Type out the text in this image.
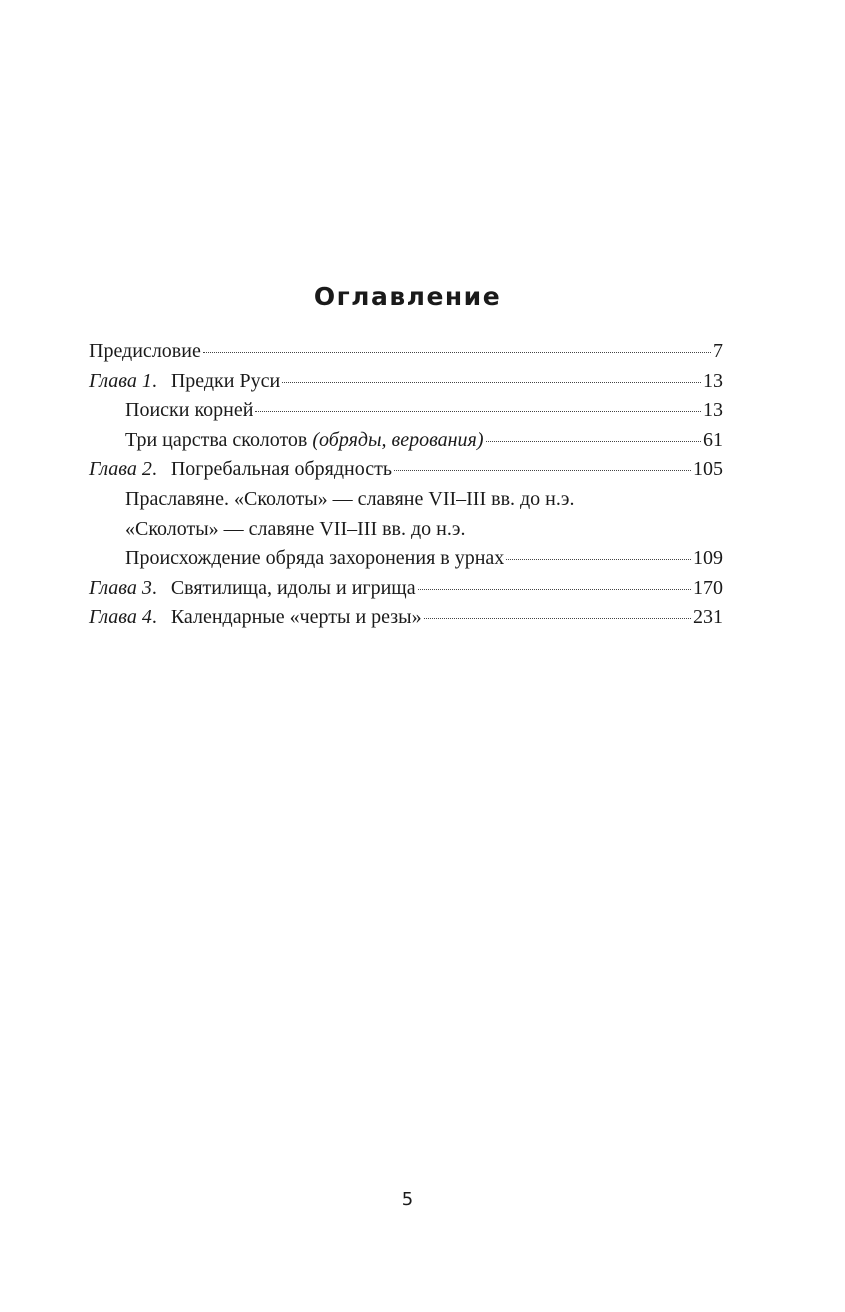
Оглавление
Предисловие	7
Глава 1 . Предки Руси	13
Поиски корней	13
Три царства сколотов (обряды, верования)	61
Глава 2 . Погребальная обрядность	105
Праславяне. «Сколоты» — славяне VII–III вв. до н.э.
«Сколоты» — славяне VII–III вв. до н.э.
Происхождение обряда захоронения в урнах	109
Глава 3 . Святилища, идолы и игрища	170
Глава 4 . Календарные «черты и резы»	231
5
